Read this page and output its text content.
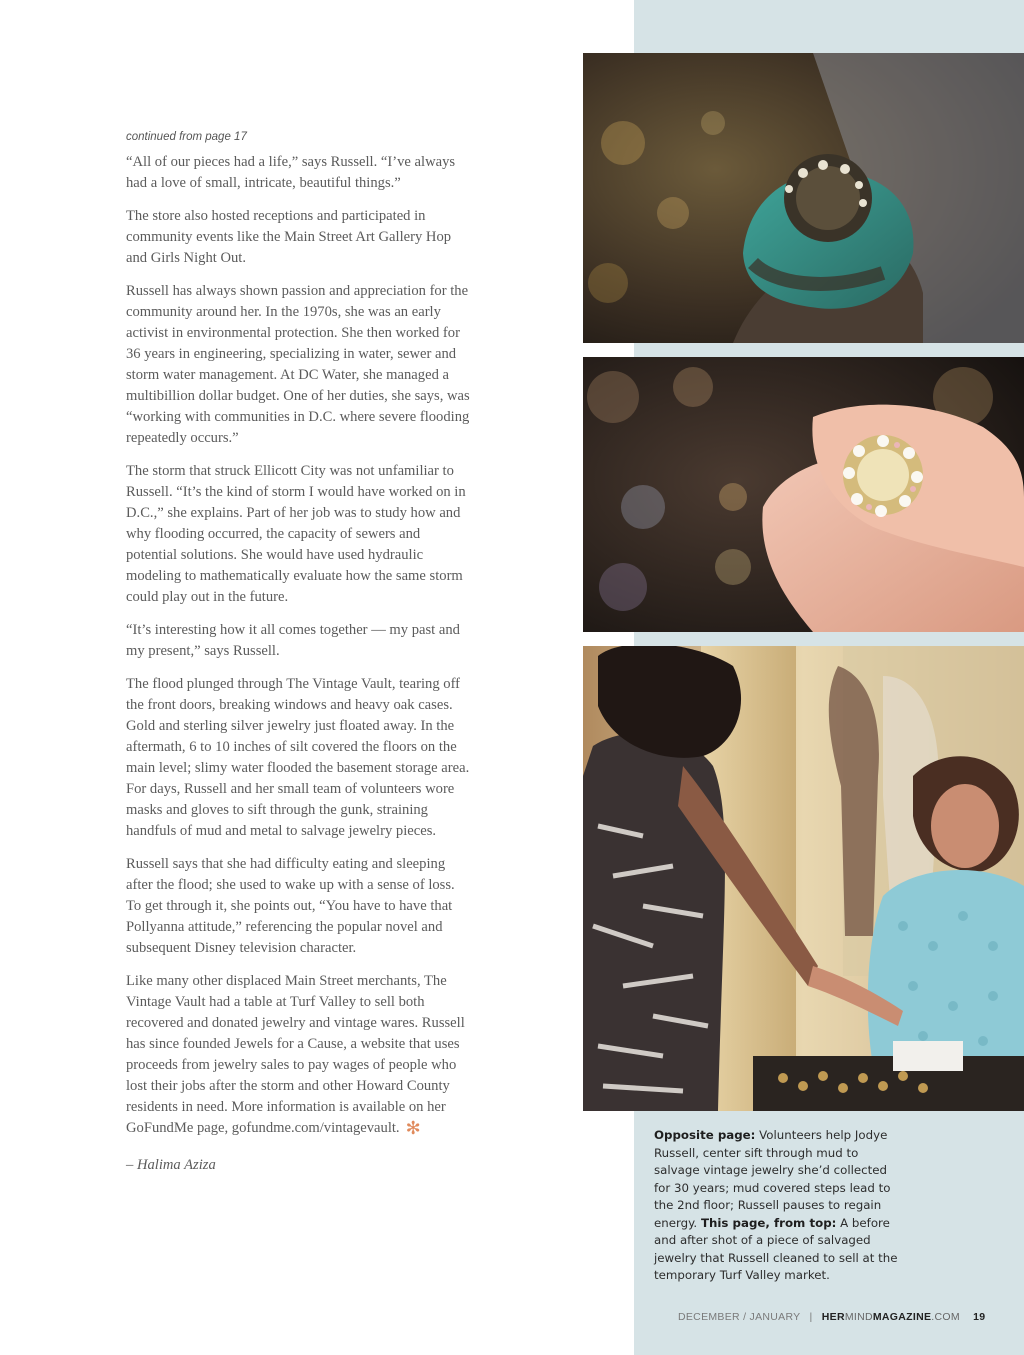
continued from page 17

“All of our pieces had a life,” says Russell. “I’ve always had a love of small, intricate, beautiful things.”

The store also hosted receptions and participated in community events like the Main Street Art Gallery Hop and Girls Night Out.

Russell has always shown passion and appreciation for the community around her. In the 1970s, she was an early activist in environmental protection. She then worked for 36 years in engineering, specializing in water, sewer and storm water management. At DC Water, she managed a multibillion dollar budget. One of her duties, she says, was “working with communities in D.C. where severe flooding repeatedly occurs.”

The storm that struck Ellicott City was not unfamiliar to Russell. “It’s the kind of storm I would have worked on in D.C.,” she explains. Part of her job was to study how and why flooding occurred, the capacity of sewers and potential solutions. She would have used hydraulic modeling to mathematically evaluate how the same storm could play out in the future.

“It’s interesting how it all comes together — my past and my present,” says Russell.

The flood plunged through The Vintage Vault, tearing off the front doors, breaking windows and heavy oak cases. Gold and sterling silver jewelry just floated away. In the aftermath, 6 to 10 inches of silt covered the floors on the main level; slimy water flooded the basement storage area. For days, Russell and her small team of volunteers wore masks and gloves to sift through the gunk, straining handfuls of mud and metal to salvage jewelry pieces.

Russell says that she had difficulty eating and sleeping after the flood; she used to wake up with a sense of loss. To get through it, she points out, “You have to have that Pollyanna attitude,” referencing the popular novel and subsequent Disney television character.

Like many other displaced Main Street merchants, The Vintage Vault had a table at Turf Valley to sell both recovered and donated jewelry and vintage wares. Russell has since founded Jewels for a Cause, a website that uses proceeds from jewelry sales to pay wages of people who lost their jobs after the storm and other Howard County residents in need. More information is available on her GoFundMe page, gofundme.com/vintagevault. ✻

– Halima Aziza
Opposite page: Volunteers help Jodye Russell, center sift through mud to salvage vintage jewelry she’d collected for 30 years; mud covered steps lead to the 2nd floor; Russell pauses to regain energy. This page, from top: A before and after shot of a piece of salvaged jewelry that Russell cleaned to sell at the temporary Turf Valley market.
DECEMBER / JANUARY | HERMINDMAGAZINE.COM 19
